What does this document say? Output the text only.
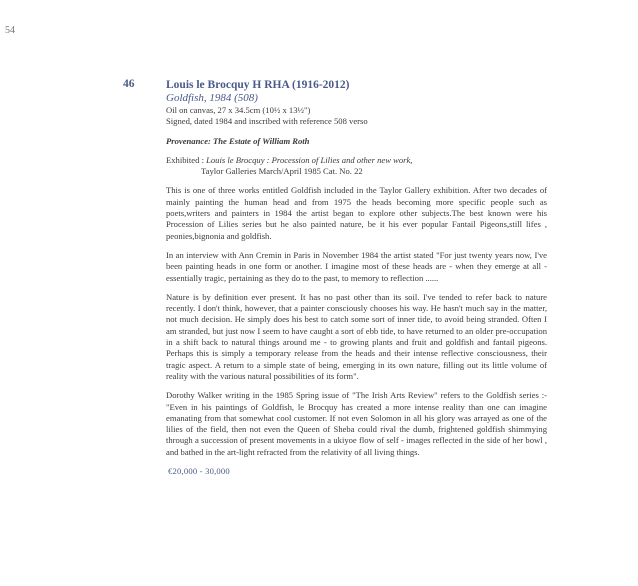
54
46	Louis le Brocquy H RHA (1916-2012)
Goldfish, 1984 (508)
Oil on canvas, 27 x 34.5cm (10½ x 13½")
Signed, dated 1984 and inscribed with reference 508 verso
Provenance: The Estate of William Roth
Exhibited : Louis le Brocquy : Procession of Lilies and other new work,
Taylor Galleries March/April 1985 Cat. No. 22

This is one of three works entitled Goldfish included in the Taylor Gallery exhibition. After two decades of mainly painting the human head and from 1975 the heads becoming more specific people such as poets,writers and painters in 1984 the artist began to explore other subjects.The best known were his Procession of Lilies series but he also painted nature, be it his ever popular Fantail Pigeons,still lifes , peonies,bignonia and goldfish.

In an interview with Ann Cremin in Paris in November 1984 the artist stated "For just twenty years now, I've been painting heads in one form or another. I imagine most of these heads are - when they emerge at all - essentially tragic, pertaining as they do to the past, to memory to reflection ......

Nature is by definition ever present. It has no past other than its soil. I've tended to refer back to nature recently. I don't think, however, that a painter consciously chooses his way. He hasn't much say in the matter, not much decision. He simply does his best to catch some sort of inner tide, to avoid being stranded. Often I am stranded, but just now I seem to have caught a sort of ebb tide, to have returned to an older pre-occupation in a shift back to natural things around me - to growing plants and fruit and goldfish and fantail pigeons. Perhaps this is simply a temporary release from the heads and their intense reflective consciousness, their tragic aspect. A return to a simple state of being, emerging in its own nature, filling out its little volume of reality with the various natural possibilities of its form".

Dorothy Walker writing in the 1985 Spring issue of "The Irish Arts Review" refers to the Goldfish series :- "Even in his paintings of Goldfish, le Brocquy has created a more intense reality than one can imagine emanating from that somewhat cool customer. If not even Solomon in all his glory was arrayed as one of the lilies of the field, then not even the Queen of Sheba could rival the dumb, frightened goldfish shimmying through a succession of present movements in a ukiyoe flow of self - images reflected in the side of her bowl , and bathed in the art-light refracted from the relativity of all living things.

€20,000 - 30,000
